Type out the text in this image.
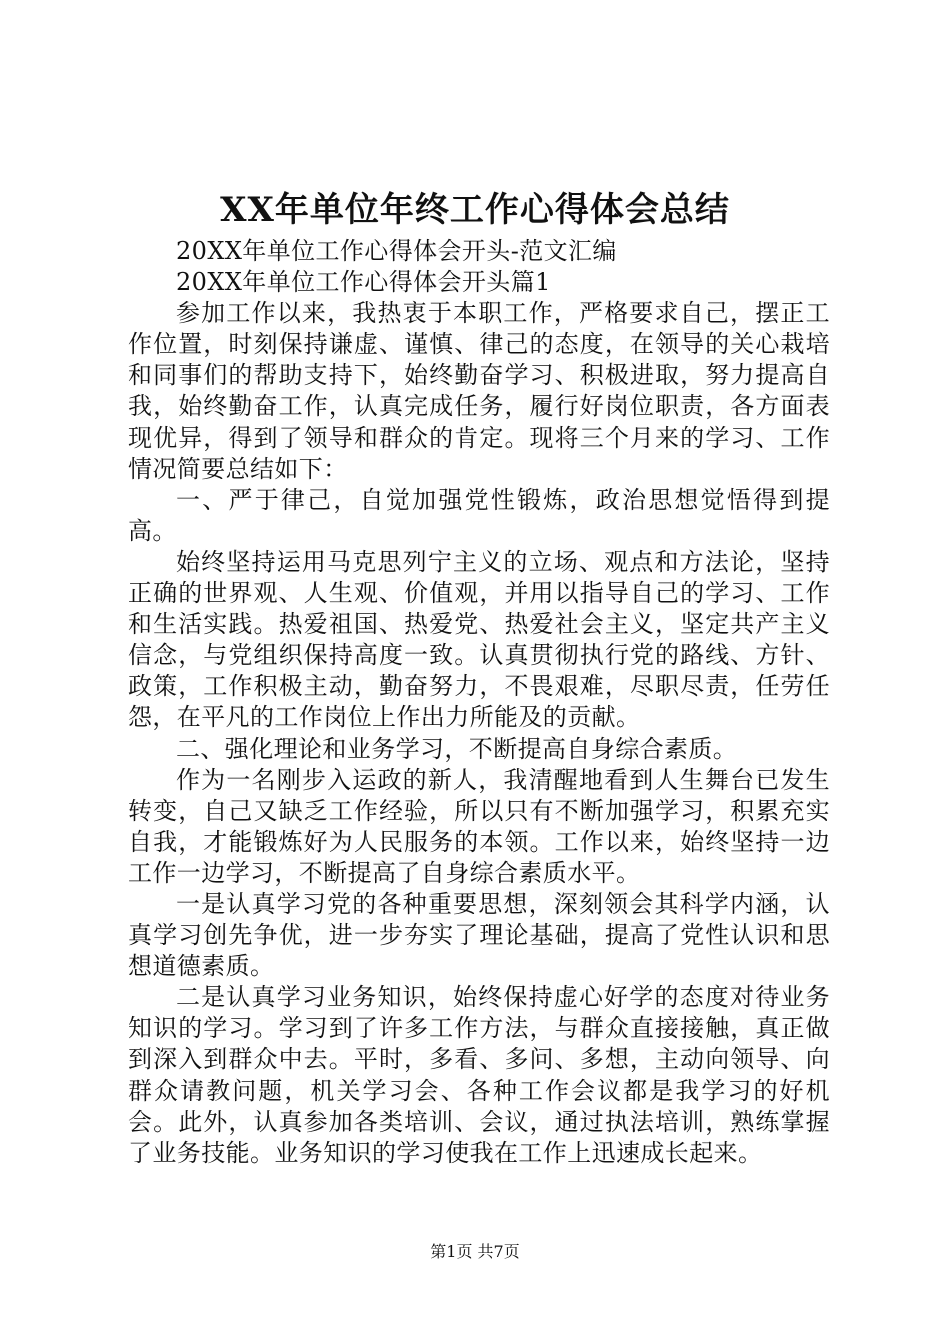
XX年单位年终工作心得体会总结

20XX年单位工作心得体会开头-范文汇编

20XX年单位工作心得体会开头篇1

参加工作以来，我热衷于本职工作，严格要求自己，摆正工作位置，时刻保持谦虚、谨慎、律己的态度，在领导的关心栽培和同事们的帮助支持下，始终勤奋学习、积极进取，努力提高自我，始终勤奋工作，认真完成任务，履行好岗位职责，各方面表现优异，得到了领导和群众的肯定。现将三个月来的学习、工作情况简要总结如下：

一、严于律己，自觉加强党性锻炼，政治思想觉悟得到提高。

始终坚持运用马克思列宁主义的立场、观点和方法论，坚持正确的世界观、人生观、价值观，并用以指导自己的学习、工作和生活实践。热爱祖国、热爱党、热爱社会主义，坚定共产主义信念，与党组织保持高度一致。认真贯彻执行党的路线、方针、政策，工作积极主动，勤奋努力，不畏艰难，尽职尽责，任劳任怨，在平凡的工作岗位上作出力所能及的贡献。

二、强化理论和业务学习，不断提高自身综合素质。

作为一名刚步入运政的新人，我清醒地看到人生舞台已发生转变，自己又缺乏工作经验，所以只有不断加强学习，积累充实自我，才能锻炼好为人民服务的本领。工作以来，始终坚持一边工作一边学习，不断提高了自身综合素质水平。

一是认真学习党的各种重要思想，深刻领会其科学内涵，认真学习创先争优，进一步夯实了理论基础，提高了党性认识和思想道德素质。

二是认真学习业务知识，始终保持虚心好学的态度对待业务知识的学习。学习到了许多工作方法，与群众直接接触，真正做到深入到群众中去。平时，多看、多问、多想，主动向领导、向群众请教问题，机关学习会、各种工作会议都是我学习的好机会。此外，认真参加各类培训、会议，通过执法培训，熟练掌握了业务技能。业务知识的学习使我在工作上迅速成长起来。

第1页 共7页
